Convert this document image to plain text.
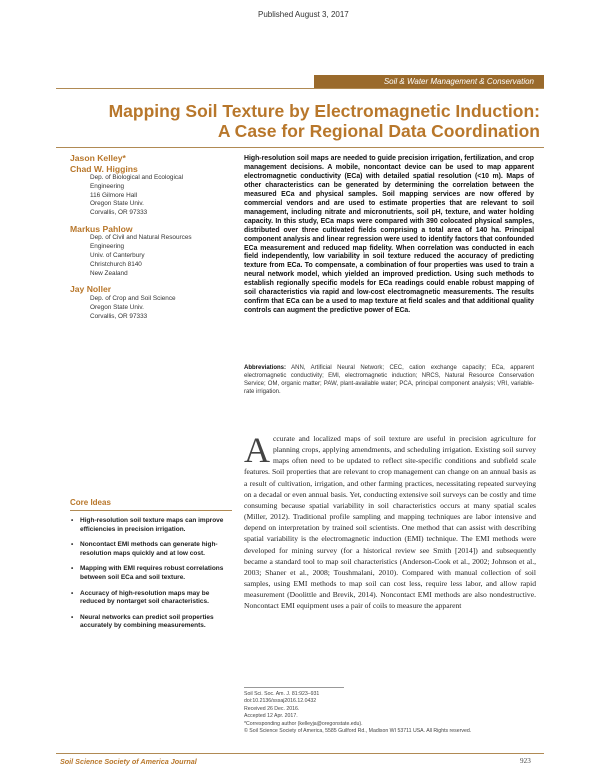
Published August 3, 2017
Soil & Water Management & Conservation
Mapping Soil Texture by Electromagnetic Induction:
A Case for Regional Data Coordination
Jason Kelley*
Chad W. Higgins
Dep. of Biological and Ecological
Engineering
116 Gilmore Hall
Oregon State Univ.
Corvallis, OR 97333
Markus Pahlow
Dep. of Civil and Natural Resources
Engineering
Univ. of Canterbury
Christchurch 8140
New Zealand
Jay Noller
Dep. of Crop and Soil Science
Oregon State Univ.
Corvallis, OR 97333
High-resolution soil maps are needed to guide precision irrigation, fertilization, and crop management decisions. A mobile, noncontact device can be used to map apparent electromagnetic conductivity (ECa) with detailed spatial resolution (<10 m). Maps of other characteristics can be generated by determining the correlation between the measured ECa and physical samples. Soil mapping services are now offered by commercial vendors and are used to estimate properties that are relevant to soil management, including nitrate and micronutrients, soil pH, texture, and water holding capacity. In this study, ECa maps were compared with 390 colocated physical samples, distributed over three cultivated fields comprising a total area of 140 ha. Principal component analysis and linear regression were used to identify factors that confounded ECa measurement and reduced map fidelity. When correlation was conducted in each field independently, low variability in soil texture reduced the accuracy of predicting texture from ECa. To compensate, a combination of four properties was used to train a neural network model, which yielded an improved prediction. Using such methods to establish regionally specific models for ECa readings could enable robust mapping of soil characteristics via rapid and low-cost electromagnetic measurements. The results confirm that ECa can be a used to map texture at field scales and that additional quality controls can augment the predictive power of ECa.
Abbreviations: ANN, Artificial Neural Network; CEC, cation exchange capacity; ECa, apparent electromagnetic conductivity; EMI, electromagnetic induction; NRCS, Natural Resource Conservation Service; OM, organic matter; PAW, plant-available water; PCA, principal component analysis; VRI, variable-rate irrigation.
Core Ideas
• High-resolution soil texture maps can improve efficiencies in precision irrigation.
• Noncontact EMI methods can generate high-resolution maps quickly and at low cost.
• Mapping with EMI requires robust correlations between soil ECa and soil texture.
• Accuracy of high-resolution maps may be reduced by nontarget soil characteristics.
• Neural networks can predict soil properties accurately by combining measurements.
A ccurate and localized maps of soil texture are useful in precision agriculture for planning crops, applying amendments, and scheduling irrigation. Existing soil survey maps often need to be updated to reflect site-specific conditions and subfield scale features. Soil properties that are relevant to crop management can change on an annual basis as a result of cultivation, irrigation, and other farming practices, necessitating repeated surveying on a decadal or even annual basis. Yet, conducting extensive soil surveys can be costly and time consuming because spatial variability in soil characteristics occurs at many spatial scales (Miller, 2012). Traditional profile sampling and mapping techniques are labor intensive and depend on interpretation by trained soil scientists. One method that can assist with describing spatial variability is the electromagnetic induction (EMI) technique. The EMI methods were developed for mining survey (for a historical review see Smith [2014]) and subsequently became a standard tool to map soil characteristics (Anderson-Cook et al., 2002; Johnson et al., 2003; Shaner et al., 2008; Toushmalani, 2010). Compared with manual collection of soil samples, using EMI methods to map soil can cost less, require less labor, and allow rapid measurement (Doolittle and Brevik, 2014). Noncontact EMI methods are also nondestructive. Noncontact EMI equipment uses a pair of coils to measure the apparent
Soil Sci. Soc. Am. J. 81:923–931
doi:10.2136/sssaj2016.12.0432
Received 26 Dec. 2016.
Accepted 12 Apr. 2017.
*Corresponding author (kelleyja@oregonstate.edu).
© Soil Science Society of America, 5585 Guilford Rd., Madison WI 53711 USA. All Rights reserved.
Soil Science Society of America Journal	923
